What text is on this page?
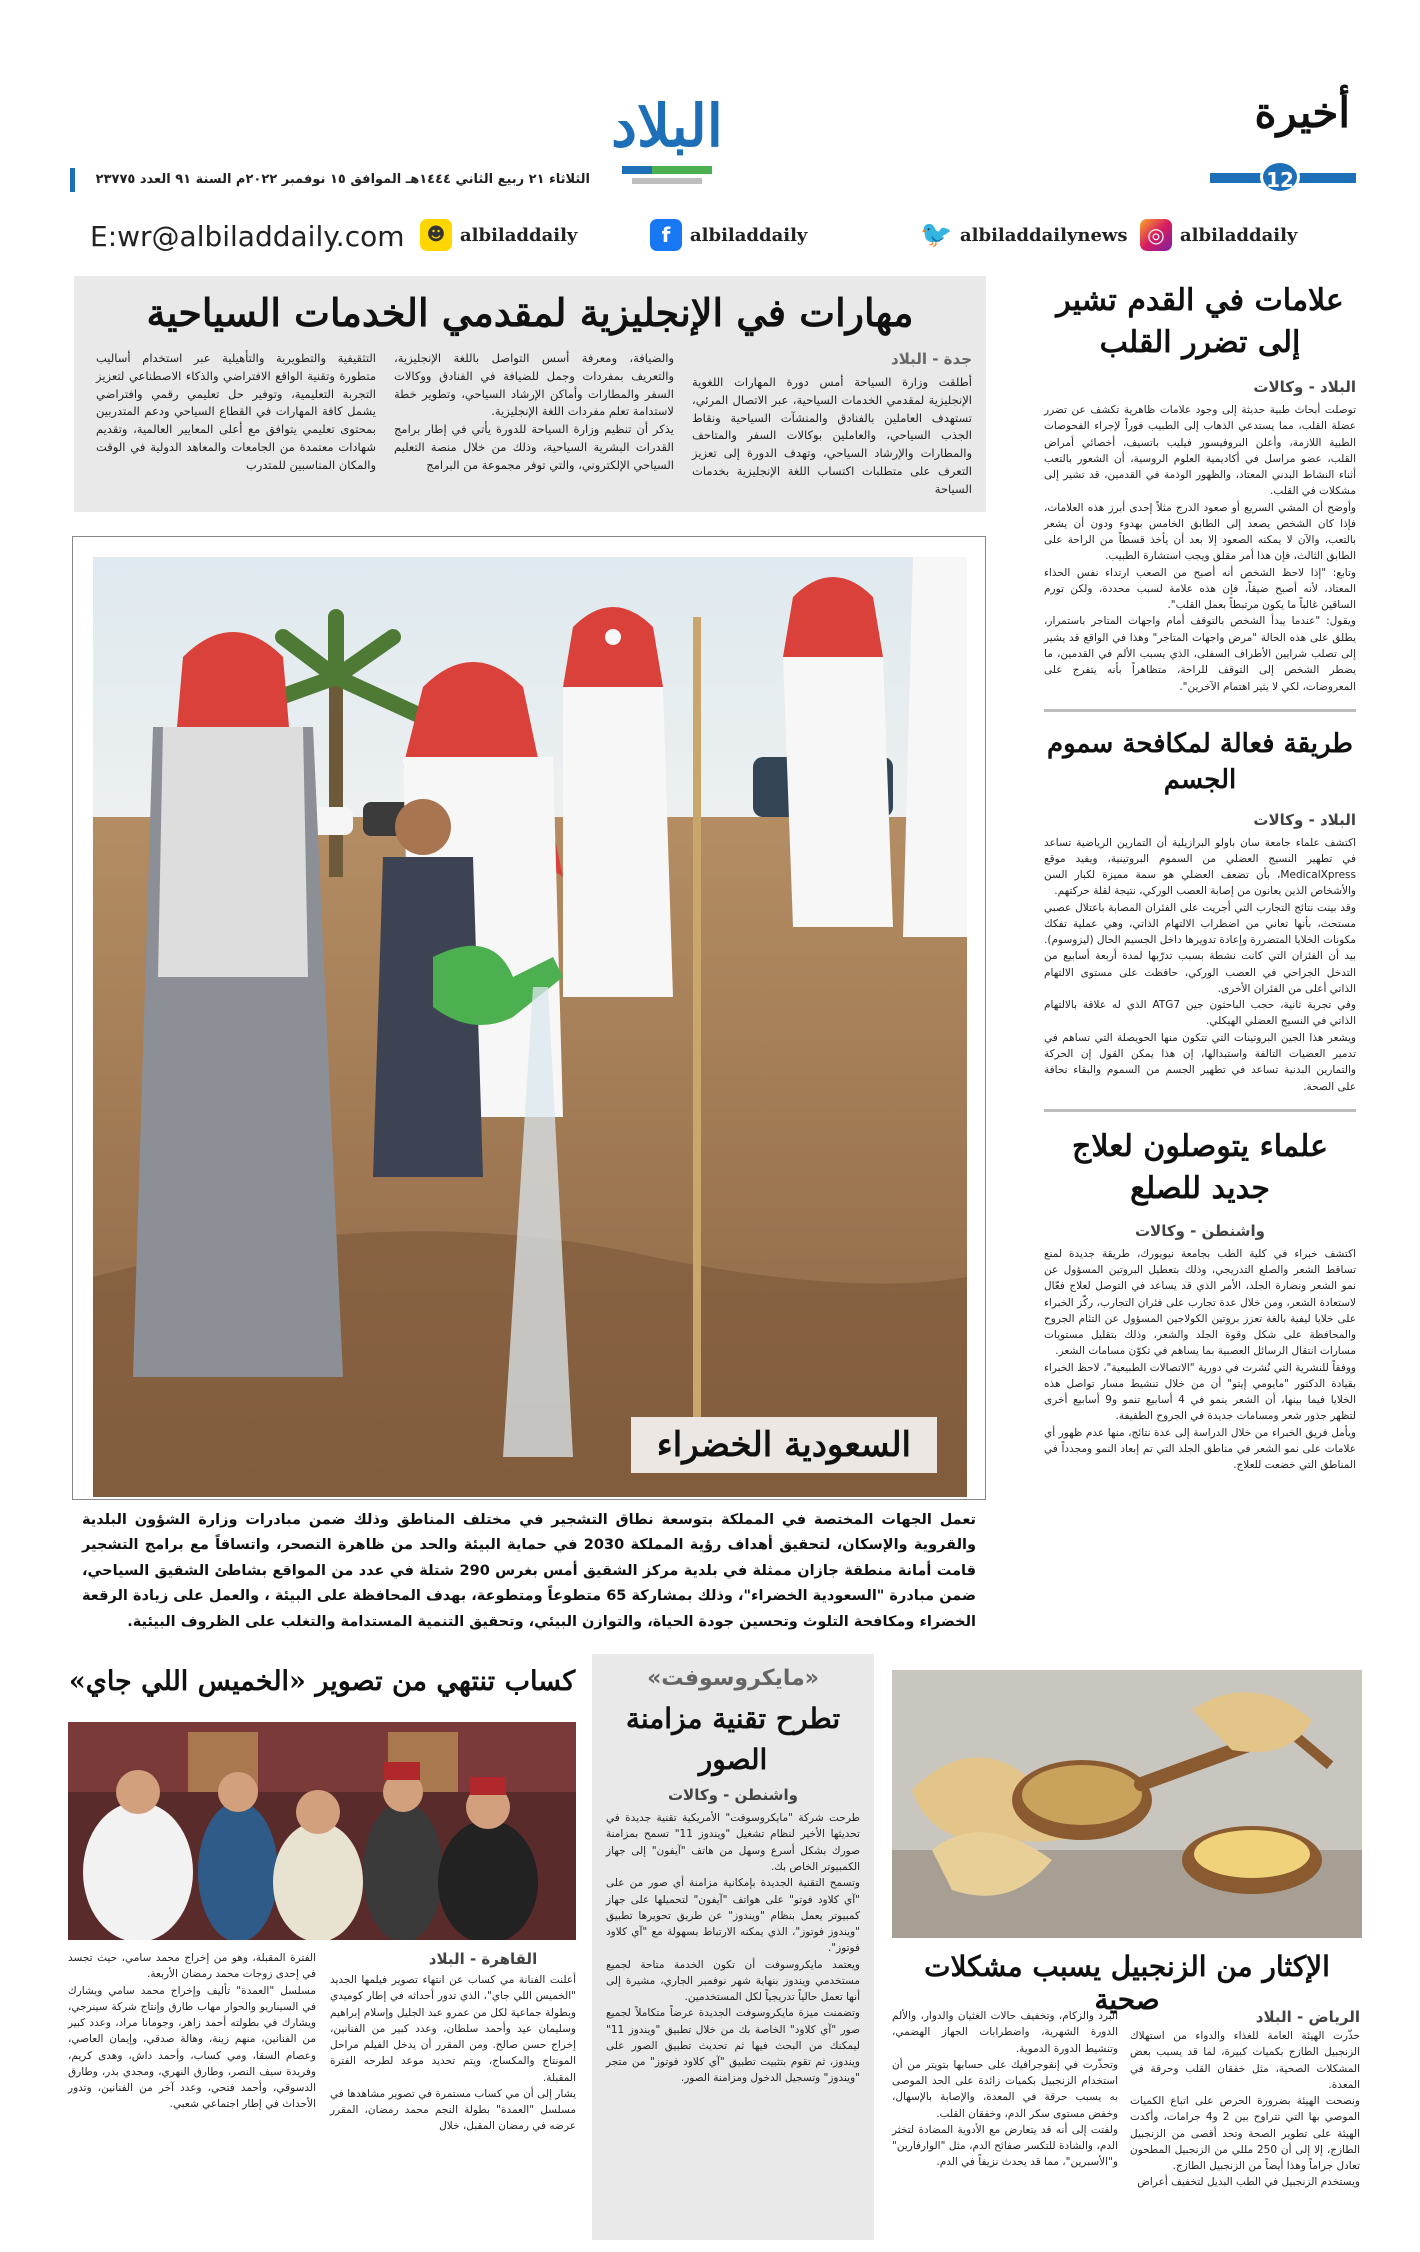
أخيرة
12
البلاد
الثلاثاء ٢١ ربيع الثاني ١٤٤٤هـ الموافق ١٥ نوفمبر ٢٠٢٢م السنة ٩١ العدد ٢٣٧٧٥
◎ albiladdaily
🐦 albiladdailynews
f	albiladdaily
☻ albiladdaily
E:wr@albiladdaily.com
مهارات في الإنجليزية لمقدمي الخدمات السياحية
أطلقت وزارة السياحة أمس دورة المهارات اللغوية الإنجليزية لمقدمي الخدمات السياحية، عبر الاتصال المرئي، تستهدف العاملين بالفنادق والمنشآت السياحية ونقاط الجذب السياحي، والعاملين بوكالات السفر والمتاحف والمطارات والإرشاد السياحي، وتهدف الدورة إلى تعزيز التعرف على متطلبات اكتساب اللغة الإنجليزية بخدمات السياحة
جدة - البلاد
والضيافة، ومعرفة أسس التواصل باللغة الإنجليزية، والتعريف بمفردات وجمل للضيافة في الفنادق ووكالات السفر والمطارات وأماكن الإرشاد السياحي، وتطوير خطة لاستدامة تعلم مفردات اللغة الإنجليزية.
يذكر أن تنظيم وزارة السياحة للدورة يأتي في إطار برامج القدرات البشرية السياحية، وذلك من خلال منصة التعليم السياحي الإلكتروني، والتي توفر مجموعة من البرامج
التثقيفية والتطويرية والتأهيلية عبر استخدام أساليب متطورة وتقنية الواقع الافتراضي والذكاء الاصطناعي لتعزيز التجربة التعليمية، وتوفير حل تعليمي رقمي وافتراضي يشمل كافة المهارات في القطاع السياحي ودعم المتدربين بمحتوى تعليمي يتوافق مع أعلى المعايير العالمية، وتقديم شهادات معتمدة من الجامعات والمعاهد الدولية في الوقت والمكان المناسبين للمتدرب
السعودية الخضراء
تعمل الجهات المختصة في المملكة بتوسعة نطاق التشجير في مختلف المناطق وذلك ضمن مبادرات وزارة الشؤون البلدية والقروية والإسكان، لتحقيق أهداف رؤية المملكة 2030 في حماية البيئة والحد من ظاهرة التصحر، واتساقاً مع برامج التشجير قامت أمانة منطقة جازان ممثلة في بلدية مركز الشقيق أمس بغرس 290 شتلة في عدد من المواقع بشاطئ الشقيق السياحي، ضمن مبادرة "السعودية الخضراء"، وذلك بمشاركة 65 متطوعاً ومتطوعة، بهدف المحافظة على البيئة ، والعمل على زيادة الرقعة الخضراء ومكافحة التلوث وتحسين جودة الحياة، والتوازن البيئي، وتحقيق التنمية المستدامة والتغلب على الظروف البيئية.
علامات في القدم تشير إلى تضرر القلب
البلاد - وكالات
توصلت أبحاث طبية حديثة إلى وجود علامات ظاهرية تكشف عن تضرر عضلة القلب، مما يستدعي الذهاب إلى الطبيب فوراً لإجراء الفحوصات الطبية اللازمة، وأعلن البروفيسور فيليب باتسيف، أخصائي أمراض القلب، عضو مراسل في أكاديمية العلوم الروسية، أن الشعور بالتعب أثناء النشاط البدني المعتاد، والظهور الوذمة في القدمين، قد تشير إلى مشكلات في القلب.
وأوضح أن المشي السريع أو صعود الدرج مثلاً إحدى أبرز هذه العلامات، فإذا كان الشخص يصعد إلى الطابق الخامس بهدوء ودون أن يشعر بالتعب، والآن لا يمكنه الصعود إلا بعد أن يأخذ قسطاً من الراحة على الطابق الثالث، فإن هذا أمر مقلق ويجب استشارة الطبيب.
وتابع: "إذا لاحظ الشخص أنه أصبح من الصعب ارتداء نفس الحذاء المعتاد، لأنه أصبح ضيقاً، فإن هذه علامة لسبب محددة، ولكن تورم الساقين غالباً ما يكون مرتبطاً بعمل القلب".
ويقول: "عندما يبدأ الشخص بالتوقف أمام واجهات المتاجر باستمرار، يطلق على هذه الحالة "مرض واجهات المتاجر" وهذا في الواقع قد يشير إلى تصلب شرايين الأطراف السفلى، الذي يسبب الألم في القدمين، ما يضطر الشخص إلى التوقف للراحة، متظاهراً بأنه يتفرج على المعروضات، لكي لا يثير اهتمام الآخرين".
طريقة فعالة لمكافحة سموم الجسم
البلاد - وكالات
اكتشف علماء جامعة سان باولو البرازيلية أن التمارين الرياضية تساعد في تطهير النسيج العضلي من السموم البروتينية، ويفيد موقع MedicalXpress، بأن تضعف العضلي هو سمة مميزة لكبار السن والأشخاص الذين يعانون من إصابة العصب الوركي، نتيجة لقلة حركتهم.
وقد بينت نتائج التجارب التي أجريت على الفئران المصابة باعتلال عصبي مستحث، بأنها تعاني من اضطراب الالتهام الذاتي، وهي عملية تفكك مكونات الخلايا المتضررة وإعادة تدويرها داخل الجسيم الحال (ليزوسوم).
بيد أن الفئران التي كانت نشطة بسبب تدرّبها لمدة أربعة أسابيع من التدخل الجراحي في العصب الوركي، حافظت على مستوى الالتهام الذاتي أعلى من الفئران الأخرى.
وفي تجربة ثانية، حجب الباحثون جين ATG7 الذي له علاقة بالالتهام الذاتي في النسيج العضلي الهيكلي.
ويشعر هذا الجين البروتينات التي تتكون منها الحويصلة التي تساهم في تدمير العضيات التالفة واستبدالها، إن هذا يمكن القول إن الحركة والتمارين البدنية تساعد في تطهير الجسم من السموم والبقاء نحافة على الصحة.
علماء يتوصلون لعلاج جديد للصلع
واشنطن - وكالات
اكتشف خبراء في كلية الطب بجامعة نيويورك، طريقة جديدة لمنع تساقط الشعر والصلع التدريجي، وذلك بتعطيل البروتين المسؤول عن نمو الشعر ونضارة الجلد، الأمر الذي قد يساعد في التوصل لعلاج فعّال لاستعادة الشعر، ومن خلال عدة تجارب على فئران التجارب، ركّز الخبراء على خلايا ليفية بالغة تعزز بروتين الكولاجين المسؤول عن التئام الجروح والمحافظة على شكل وقوة الجلد والشعر، وذلك بتقليل مستويات مسارات انتقال الرسائل العصبية بما يساهم في تكوّن مسامات الشعر.
ووفقاً للنشرية التي نُشرت في دورية "الاتصالات الطبيعية"، لاحظ الخبراء بقيادة الدكتور "مايومي إيتو" أن من خلال تنشيط مسار تواصل هذه الخلايا فيما بينها، أن الشعر ينمو في 4 أسابيع تنمو و9 أسابيع أخرى لتظهر جذور شعر ومسامات جديدة في الجروح الطفيفة.
ويأمل فريق الخبراء من خلال الدراسة إلى عدة نتائج، منها عدم ظهور أي علامات على نمو الشعر في مناطق الجلد التي تم إبعاد النمو ومجدداً في المناطق التي خضعت للعلاج.
الإكثار من الزنجبيل يسبب مشكلات صحية
الرياض - البلاد
حذّرت الهيئة العامة للغذاء والدواء من استهلاك الزنجبيل الطازج بكميات كبيرة، لما قد يسبب بعض المشكلات الصحية، مثل خفقان القلب وحرقة في المعدة.
ونصحت الهيئة بضرورة الحرص على اتباع الكميات الموصي بها التي تتراوح بين 2 و4 جرامات، وأكدت الهيئة على تطوير الصحة وتحد أقصى من الزنجبيل الطازج، إلا إلى أن 250 مللي من الزنجبيل المطحون تعادل جراماً وهذا أيضاً من الزنجبيل الطازج.
ويستخدم الزنجبيل في الطب البديل لتخفيف أعراض
البرد والزكام، وتخفيف حالات الغثيان والدوار، والألم الدورة الشهرية، واضطرابات الجهاز الهضمي، وتنشيط الدورة الدموية.
وتحذّرت في إنفوجرافيك على حسابها بتويتر من أن استخدام الزنجبيل بكميات زائدة على الحد الموصى به يسبب حرقة في المعدة، والإصابة بالإسهال، وخفض مستوى سكر الدم، وخفقان القلب.
ولفتت إلى أنه قد يتعارض مع الأدوية المضادة لتخثر الدم، والشادة للتكسر صفائح الدم، مثل "الوارفارين" و"الأسبرين"، مما قد يحدث نزيفاً في الدم.
«مايكروسوفت»
تطرح تقنية مزامنة الصور
واشنطن - وكالات
طرحت شركة "مايكروسوفت" الأمريكية تقنية جديدة في تحديثها الأخير لنظام تشغيل "ويندوز 11" تسمح بمزامنة صورك بشكل أسرع وسهل من هاتف "آيفون" إلى جهاز الكمبيوتر الخاص بك.
وتسمح التقنية الجديدة بإمكانية مزامنة أي صور من على "آي كلاود فوتو" على هواتف "آيفون" لتحميلها على جهاز كمبيوتر يعمل بنظام "ويندوز" عن طريق تحويرها تطبيق "ويندوز فوتوز"، الذي يمكنه الارتباط بسهولة مع "آي كلاود فوتوز".
ويعتمد مايكروسوفت أن تكون الخدمة متاحة لجميع مستخدمي ويندوز بنهاية شهر نوفمبر الجاري، مشيرة إلى أنها تعمل حالياً تدريجياً لكل المستخدمين.
وتضمنت ميزة مايكروسوفت الجديدة عرضاً متكاملاً لجميع صور "آي كلاود" الخاصة بك من خلال تطبيق "ويندوز 11" ليمكنك من البحث فيها ثم تحديث تطبيق الصور على ويندوز، ثم تقوم بتثبيت تطبيق "آي كلاود فوتوز" من متجر "ويندوز" وتسجيل الدخول ومزامنة الصور.
كساب تنتهي من تصوير «الخميس اللي جاي»
القاهرة - البلاد
أعلنت الفنانة مي كساب عن انتهاء تصوير فيلمها الجديد "الخميس اللي جاي"، الذي تدور أحداثه في إطار كوميدي وبطولة جماعية لكل من عمرو عبد الجليل وإسلام إبراهيم وسليمان عيد وأحمد سلطان، وعدد كبير من الفنانين، إخراج حسن صالح. ومن المقرر أن يدخل الفيلم مراحل المونتاج والمكساج، ويتم تحديد موعد لطرحه الفترة المقبلة.
يشار إلى أن مي كساب مستمرة في تصوير مشاهدها في مسلسل "العمدة" بطولة النجم محمد رمضان، المقرر عرضه في رمضان المقبل، خلال
الفترة المقبلة، وهو من إخراج محمد سامي، حيث تجسد في إحدى زوجات محمد رمضان الأربعة.
مسلسل "العمدة" تأليف وإخراج محمد سامي ويشارك في السيناريو والحوار مهاب طارق وإنتاج شركة سينرجي، ويشارك في بطولته أحمد زاهر، وجومانا مراد، وعدد كبير من الفنانين، منهم زينة، وهالة صدقي، وإيمان العاصي، وعصام السقا، ومي كساب، وأحمد داش، وهدى كريم، وفريدة سيف النصر، وطارق النهري، ومجدي بدر، وطارق الدسوقي، وأحمد فتحي، وعدد آخر من الفنانين، وتدور الأحداث في إطار اجتماعي شعبي.
